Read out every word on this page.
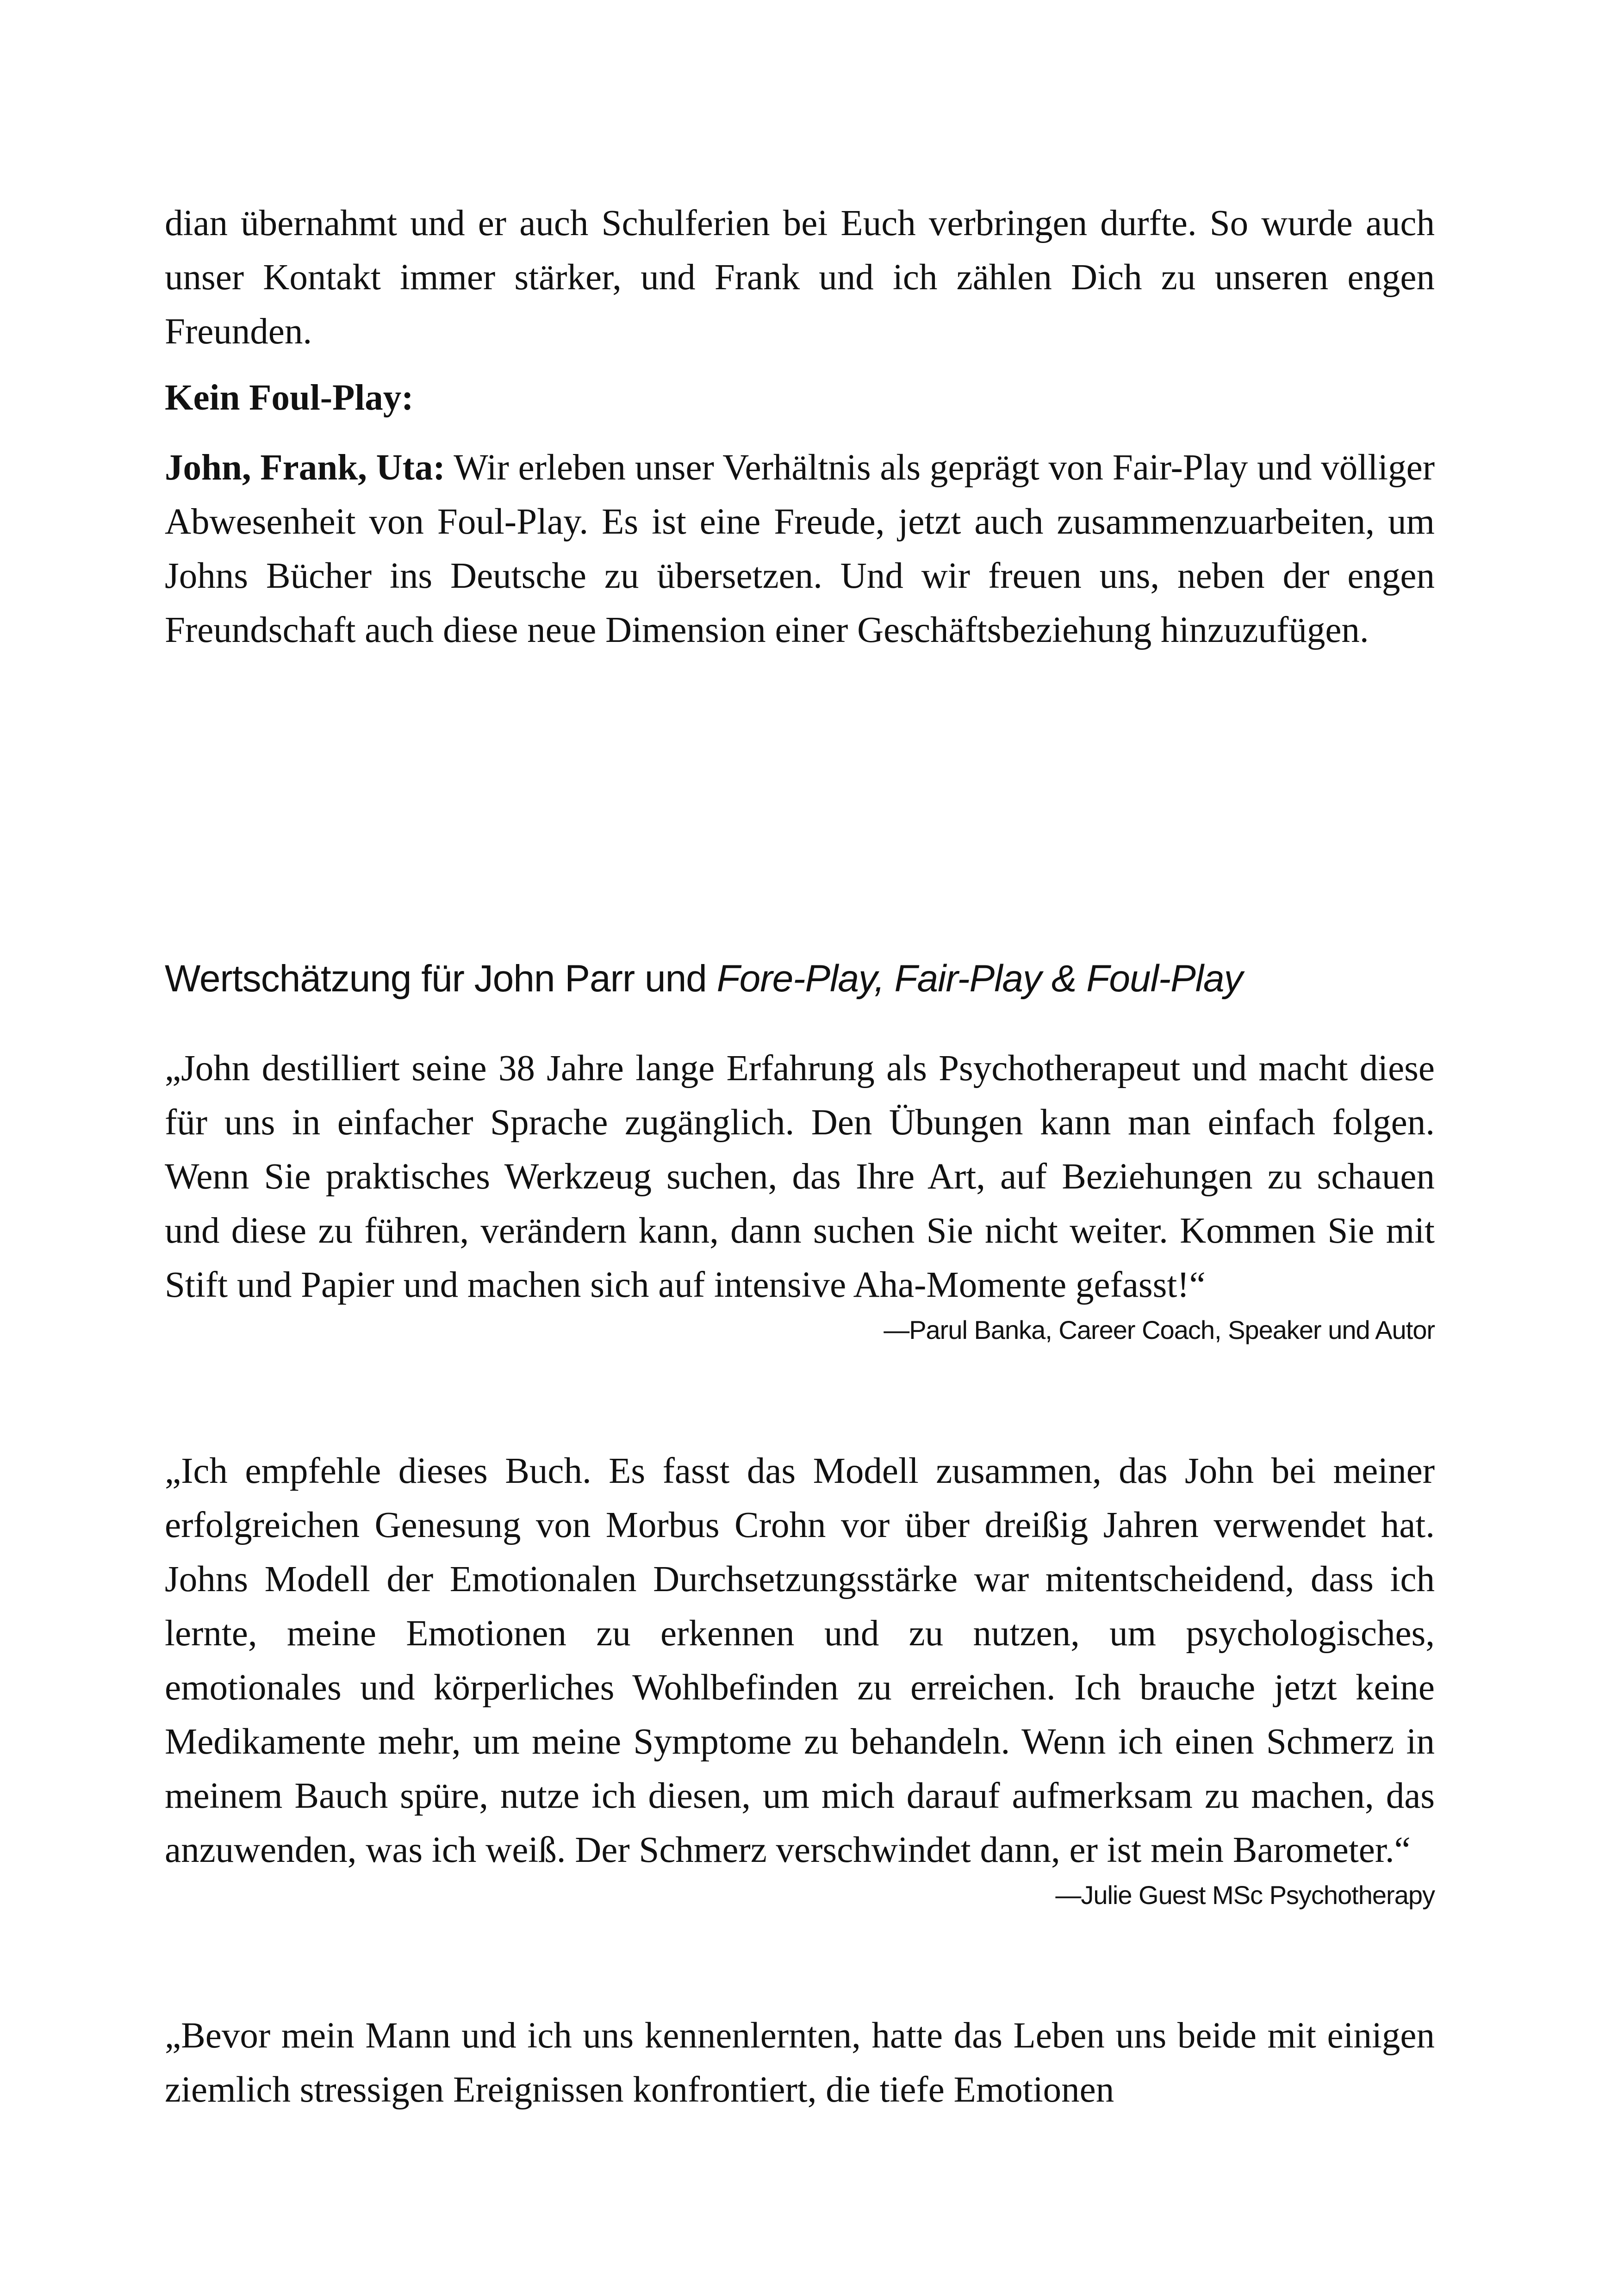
dian übernahmt und er auch Schulferien bei Euch verbringen durfte. So wurde auch unser Kontakt immer stärker, und Frank und ich zählen Dich zu unseren engen Freunden.

Kein Foul-Play:

John, Frank, Uta: Wir erleben unser Verhältnis als geprägt von Fair-Play und völliger Abwesenheit von Foul-Play. Es ist eine Freude, jetzt auch zusammenzuarbeiten, um Johns Bücher ins Deutsche zu übersetzen. Und wir freuen uns, neben der engen Freundschaft auch diese neue Dimension einer Geschäftsbeziehung hinzuzufügen.

Wertschätzung für John Parr und Fore-Play, Fair-Play & Foul-Play

„John destilliert seine 38 Jahre lange Erfahrung als Psychotherapeut und macht diese für uns in einfacher Sprache zugänglich. Den Übungen kann man einfach folgen. Wenn Sie praktisches Werkzeug suchen, das Ihre Art, auf Beziehungen zu schauen und diese zu führen, verändern kann, dann suchen Sie nicht weiter. Kommen Sie mit Stift und Papier und machen sich auf intensive Aha-Momente gefasst!“

—Parul Banka, Career Coach, Speaker und Autor

„Ich empfehle dieses Buch. Es fasst das Modell zusammen, das John bei meiner erfolgreichen Genesung von Morbus Crohn vor über dreißig Jahren verwendet hat. Johns Modell der Emotionalen Durchsetzungsstärke war mitentscheidend, dass ich lernte, meine Emotionen zu erkennen und zu nutzen, um psychologisches, emotionales und körperliches Wohlbefinden zu erreichen. Ich brauche jetzt keine Medikamente mehr, um meine Symptome zu behandeln. Wenn ich einen Schmerz in meinem Bauch spüre, nutze ich diesen, um mich darauf aufmerksam zu machen, das anzuwenden, was ich weiß. Der Schmerz verschwindet dann, er ist mein Barometer.“

—Julie Guest MSc Psychotherapy

„Bevor mein Mann und ich uns kennenlernten, hatte das Leben uns beide mit einigen ziemlich stressigen Ereignissen konfrontiert, die tiefe Emotionen
